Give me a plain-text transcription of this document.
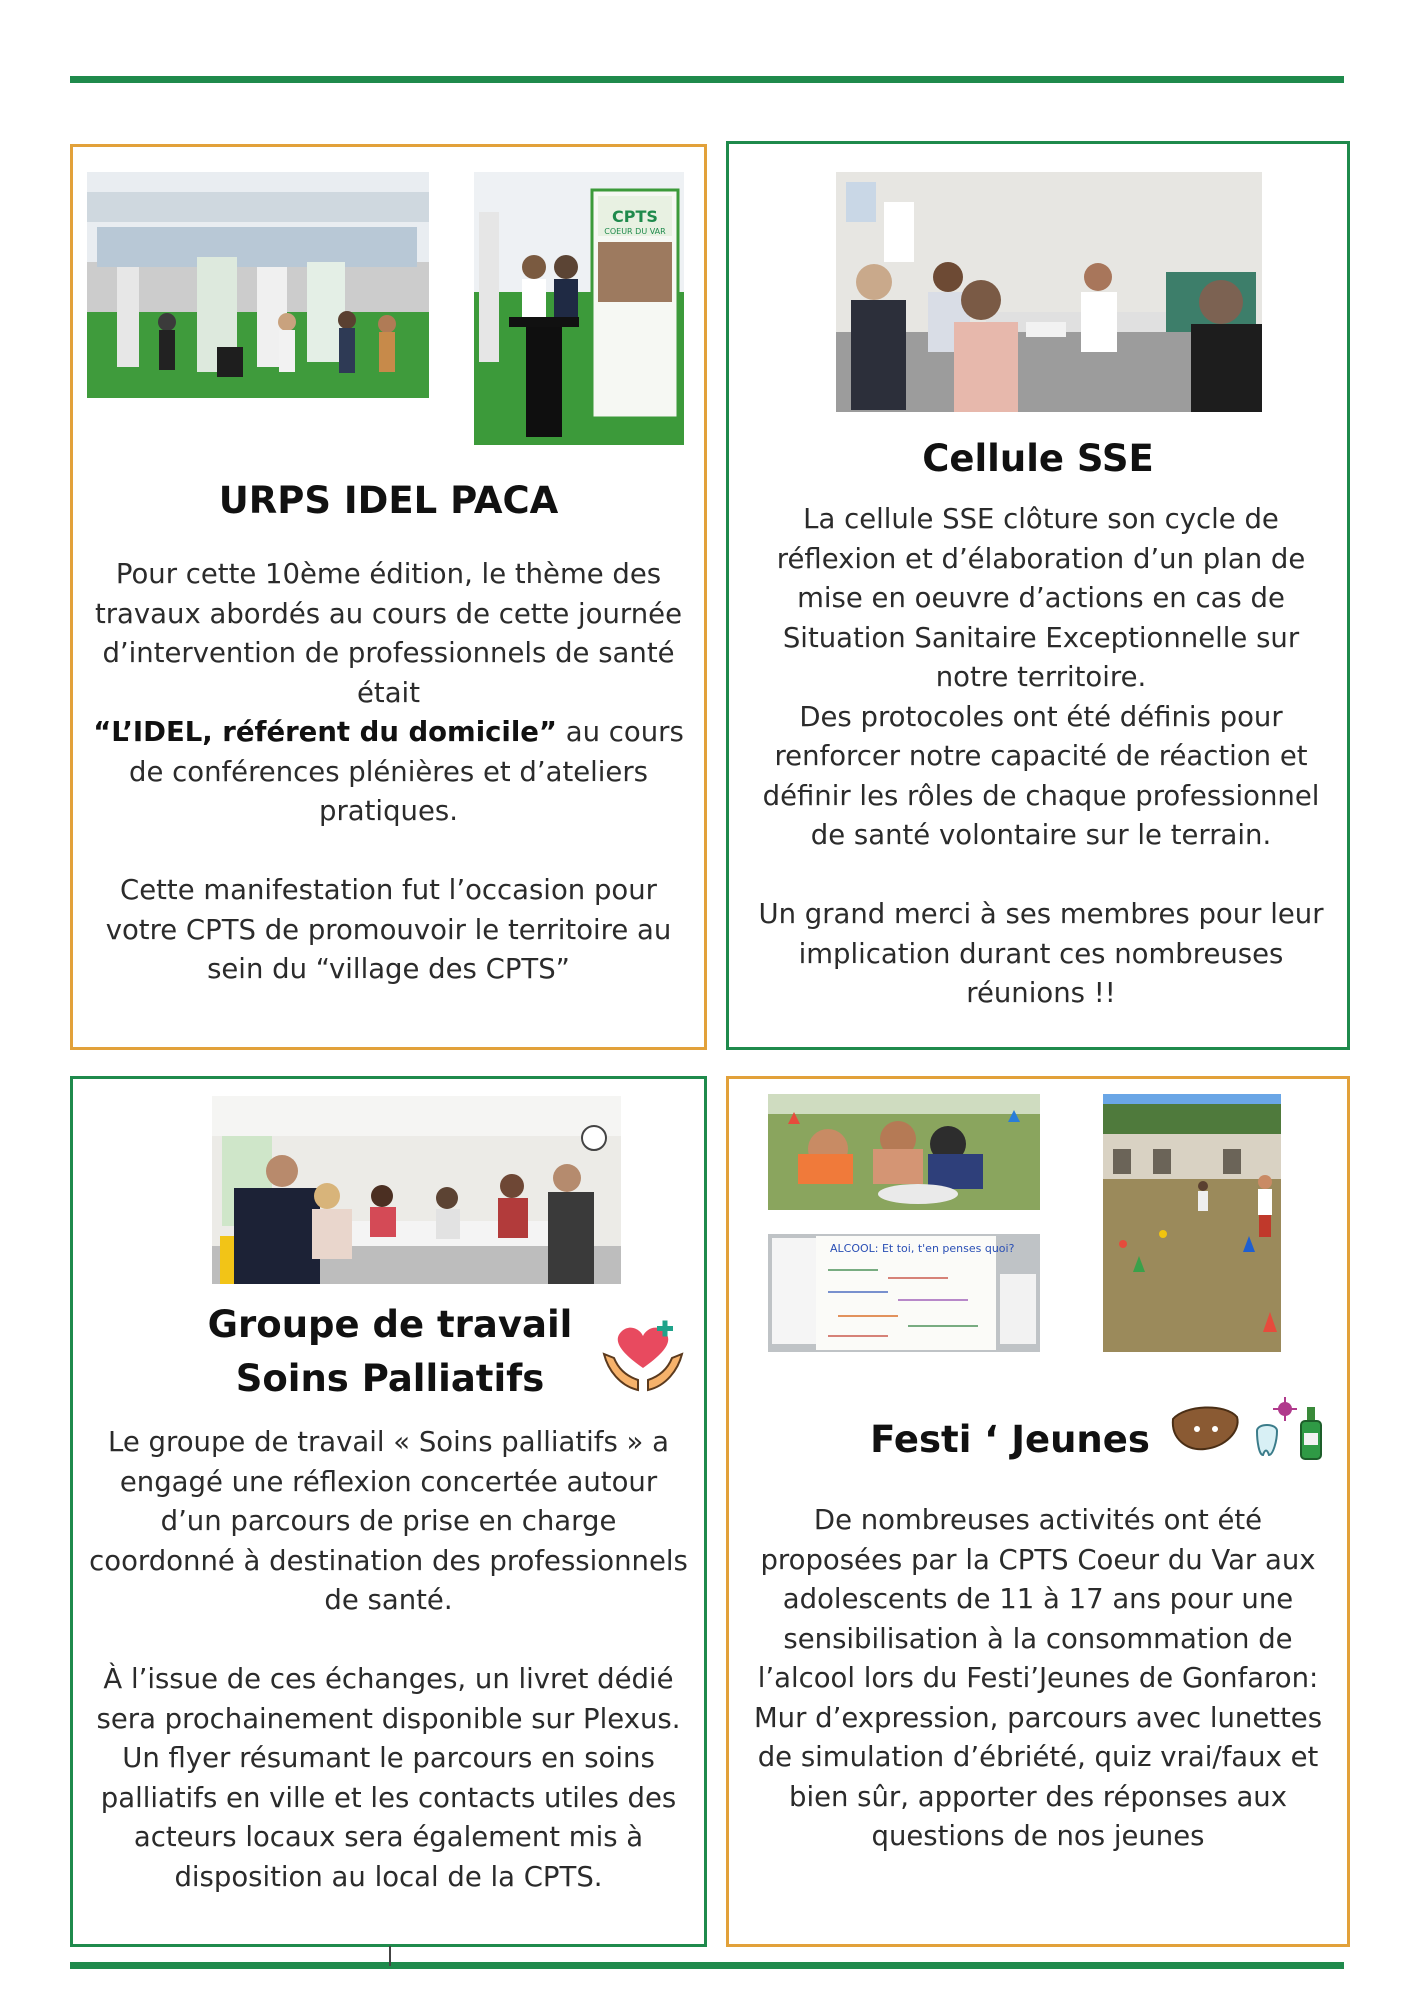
CPTS
COEUR DU VAR
URPS IDEL PACA

Pour cette 10ème édition, le thème des travaux abordés au cours de cette journée d’intervention de professionnels de santé était
“L’IDEL, référent du domicile” au cours de conférences plénières et d’ateliers pratiques.

Cette manifestation fut l’occasion pour votre CPTS de promouvoir le territoire au sein du “village des CPTS”

Cellule SSE

La cellule SSE clôture son cycle de réflexion et d’élaboration d’un plan de mise en oeuvre d’actions en cas de Situation Sanitaire Exceptionnelle sur notre territoire.

Des protocoles ont été définis pour renforcer notre capacité de réaction et définir les rôles de chaque professionnel de santé volontaire sur le terrain.

Un grand merci à ses membres pour leur implication durant ces nombreuses réunions !!

Groupe de travail
Soins Palliatifs

Le groupe de travail « Soins palliatifs » a engagé une réflexion concertée autour d’un parcours de prise en charge coordonné à destination des professionnels de santé.

À l’issue de ces échanges, un livret dédié sera prochainement disponible sur Plexus.

Un flyer résumant le parcours en soins palliatifs en ville et les contacts utiles des acteurs locaux sera également mis à disposition au local de la CPTS.

ALCOOL: Et toi, t'en penses quoi?
Festi ‘ Jeunes

De nombreuses activités ont été proposées par la CPTS Coeur du Var aux adolescents de 11 à 17 ans pour une sensibilisation à la consommation de l’alcool lors du Festi’Jeunes de Gonfaron:

Mur d’expression, parcours avec lunettes de simulation d’ébriété, quiz vrai/faux et bien sûr, apporter des réponses aux questions de nos jeunes
